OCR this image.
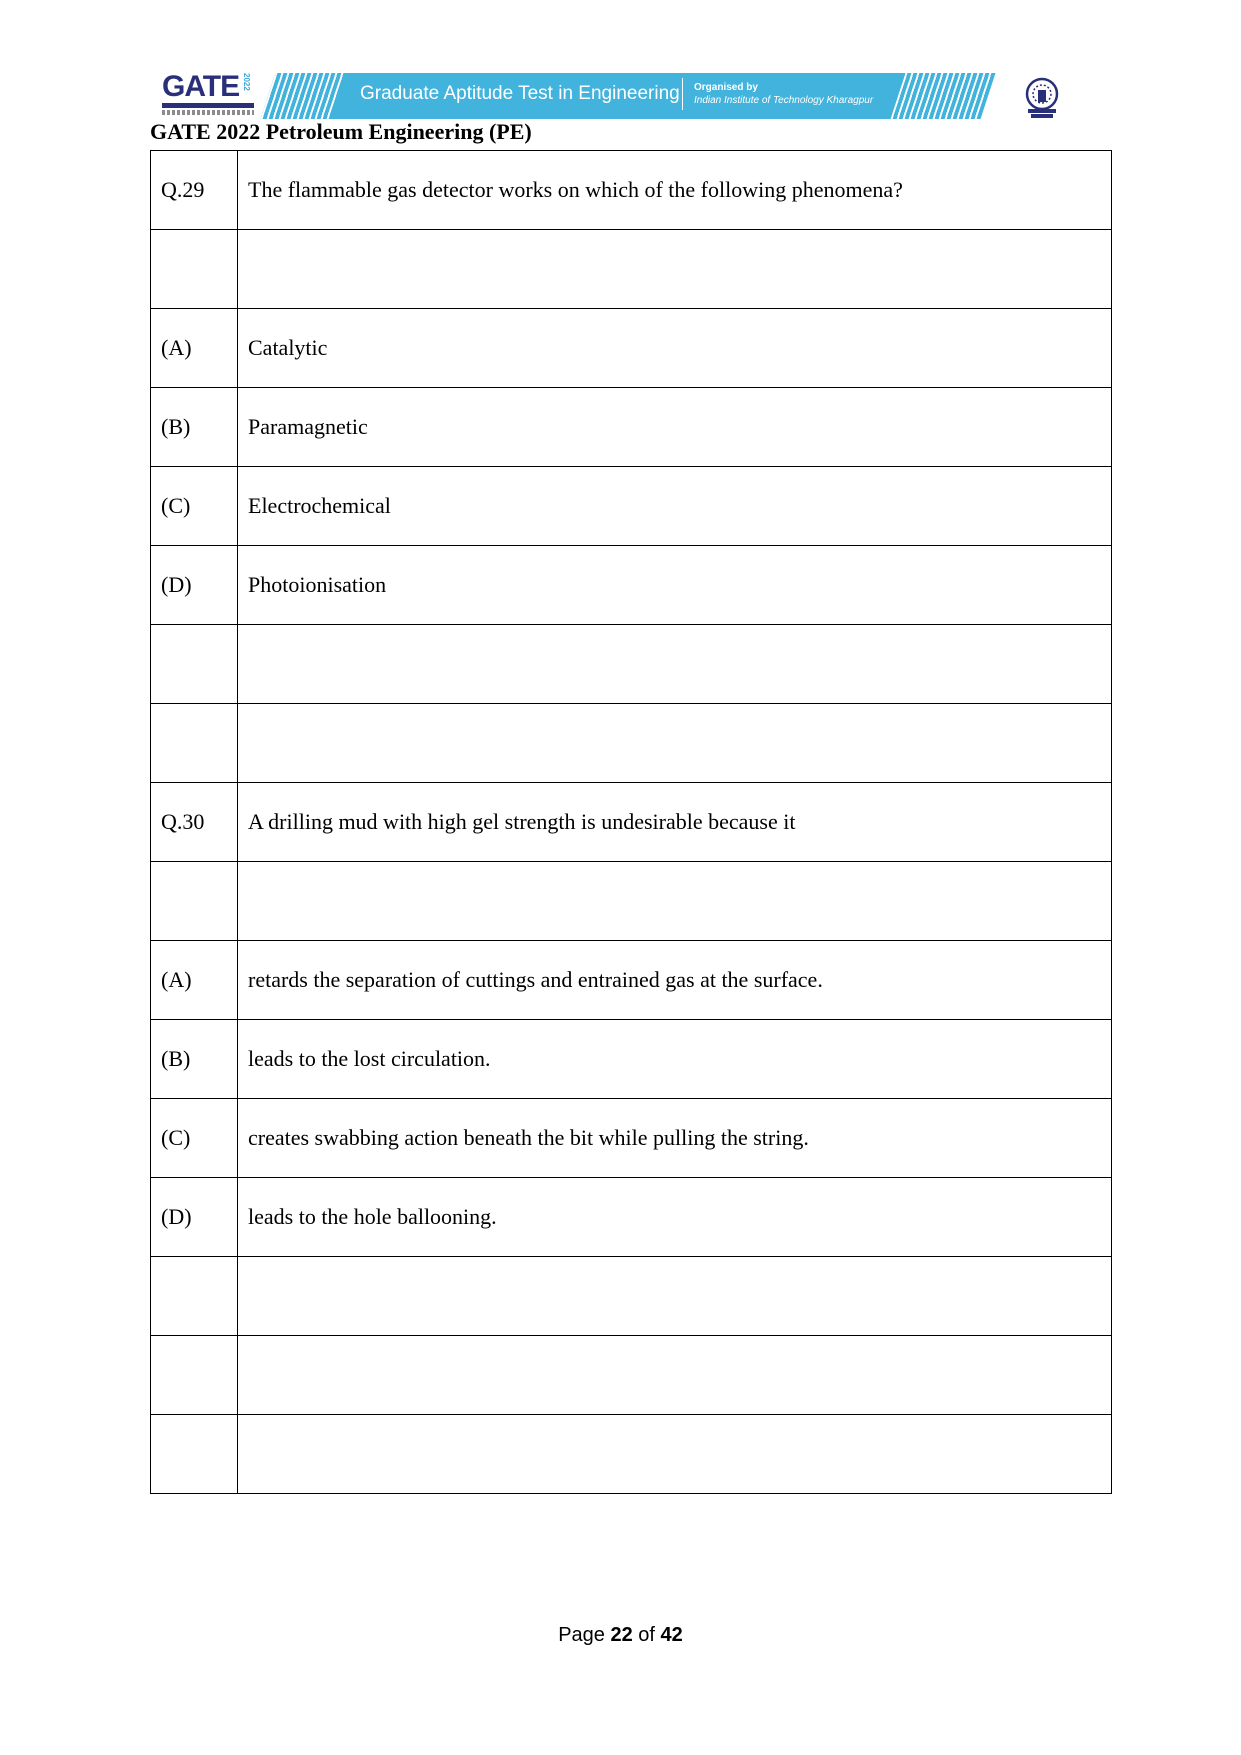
GATE 2022
Graduate Aptitude Test in Engineering Organised by
Indian Institute of Technology Kharagpur
GATE 2022 Petroleum Engineering (PE)
Q.29	The flammable gas detector works on which of the following phenomena?

(A)	Catalytic
(B)	Paramagnetic
(C)	Electrochemical
(D)	Photoionisation

Q.30	A drilling mud with high gel strength is undesirable because it

(A)	retards the separation of cuttings and entrained gas at the surface.
(B)	leads to the lost circulation.
(C)	creates swabbing action beneath the bit while pulling the string.
(D)	leads to the hole ballooning.

Page 22 of 42
